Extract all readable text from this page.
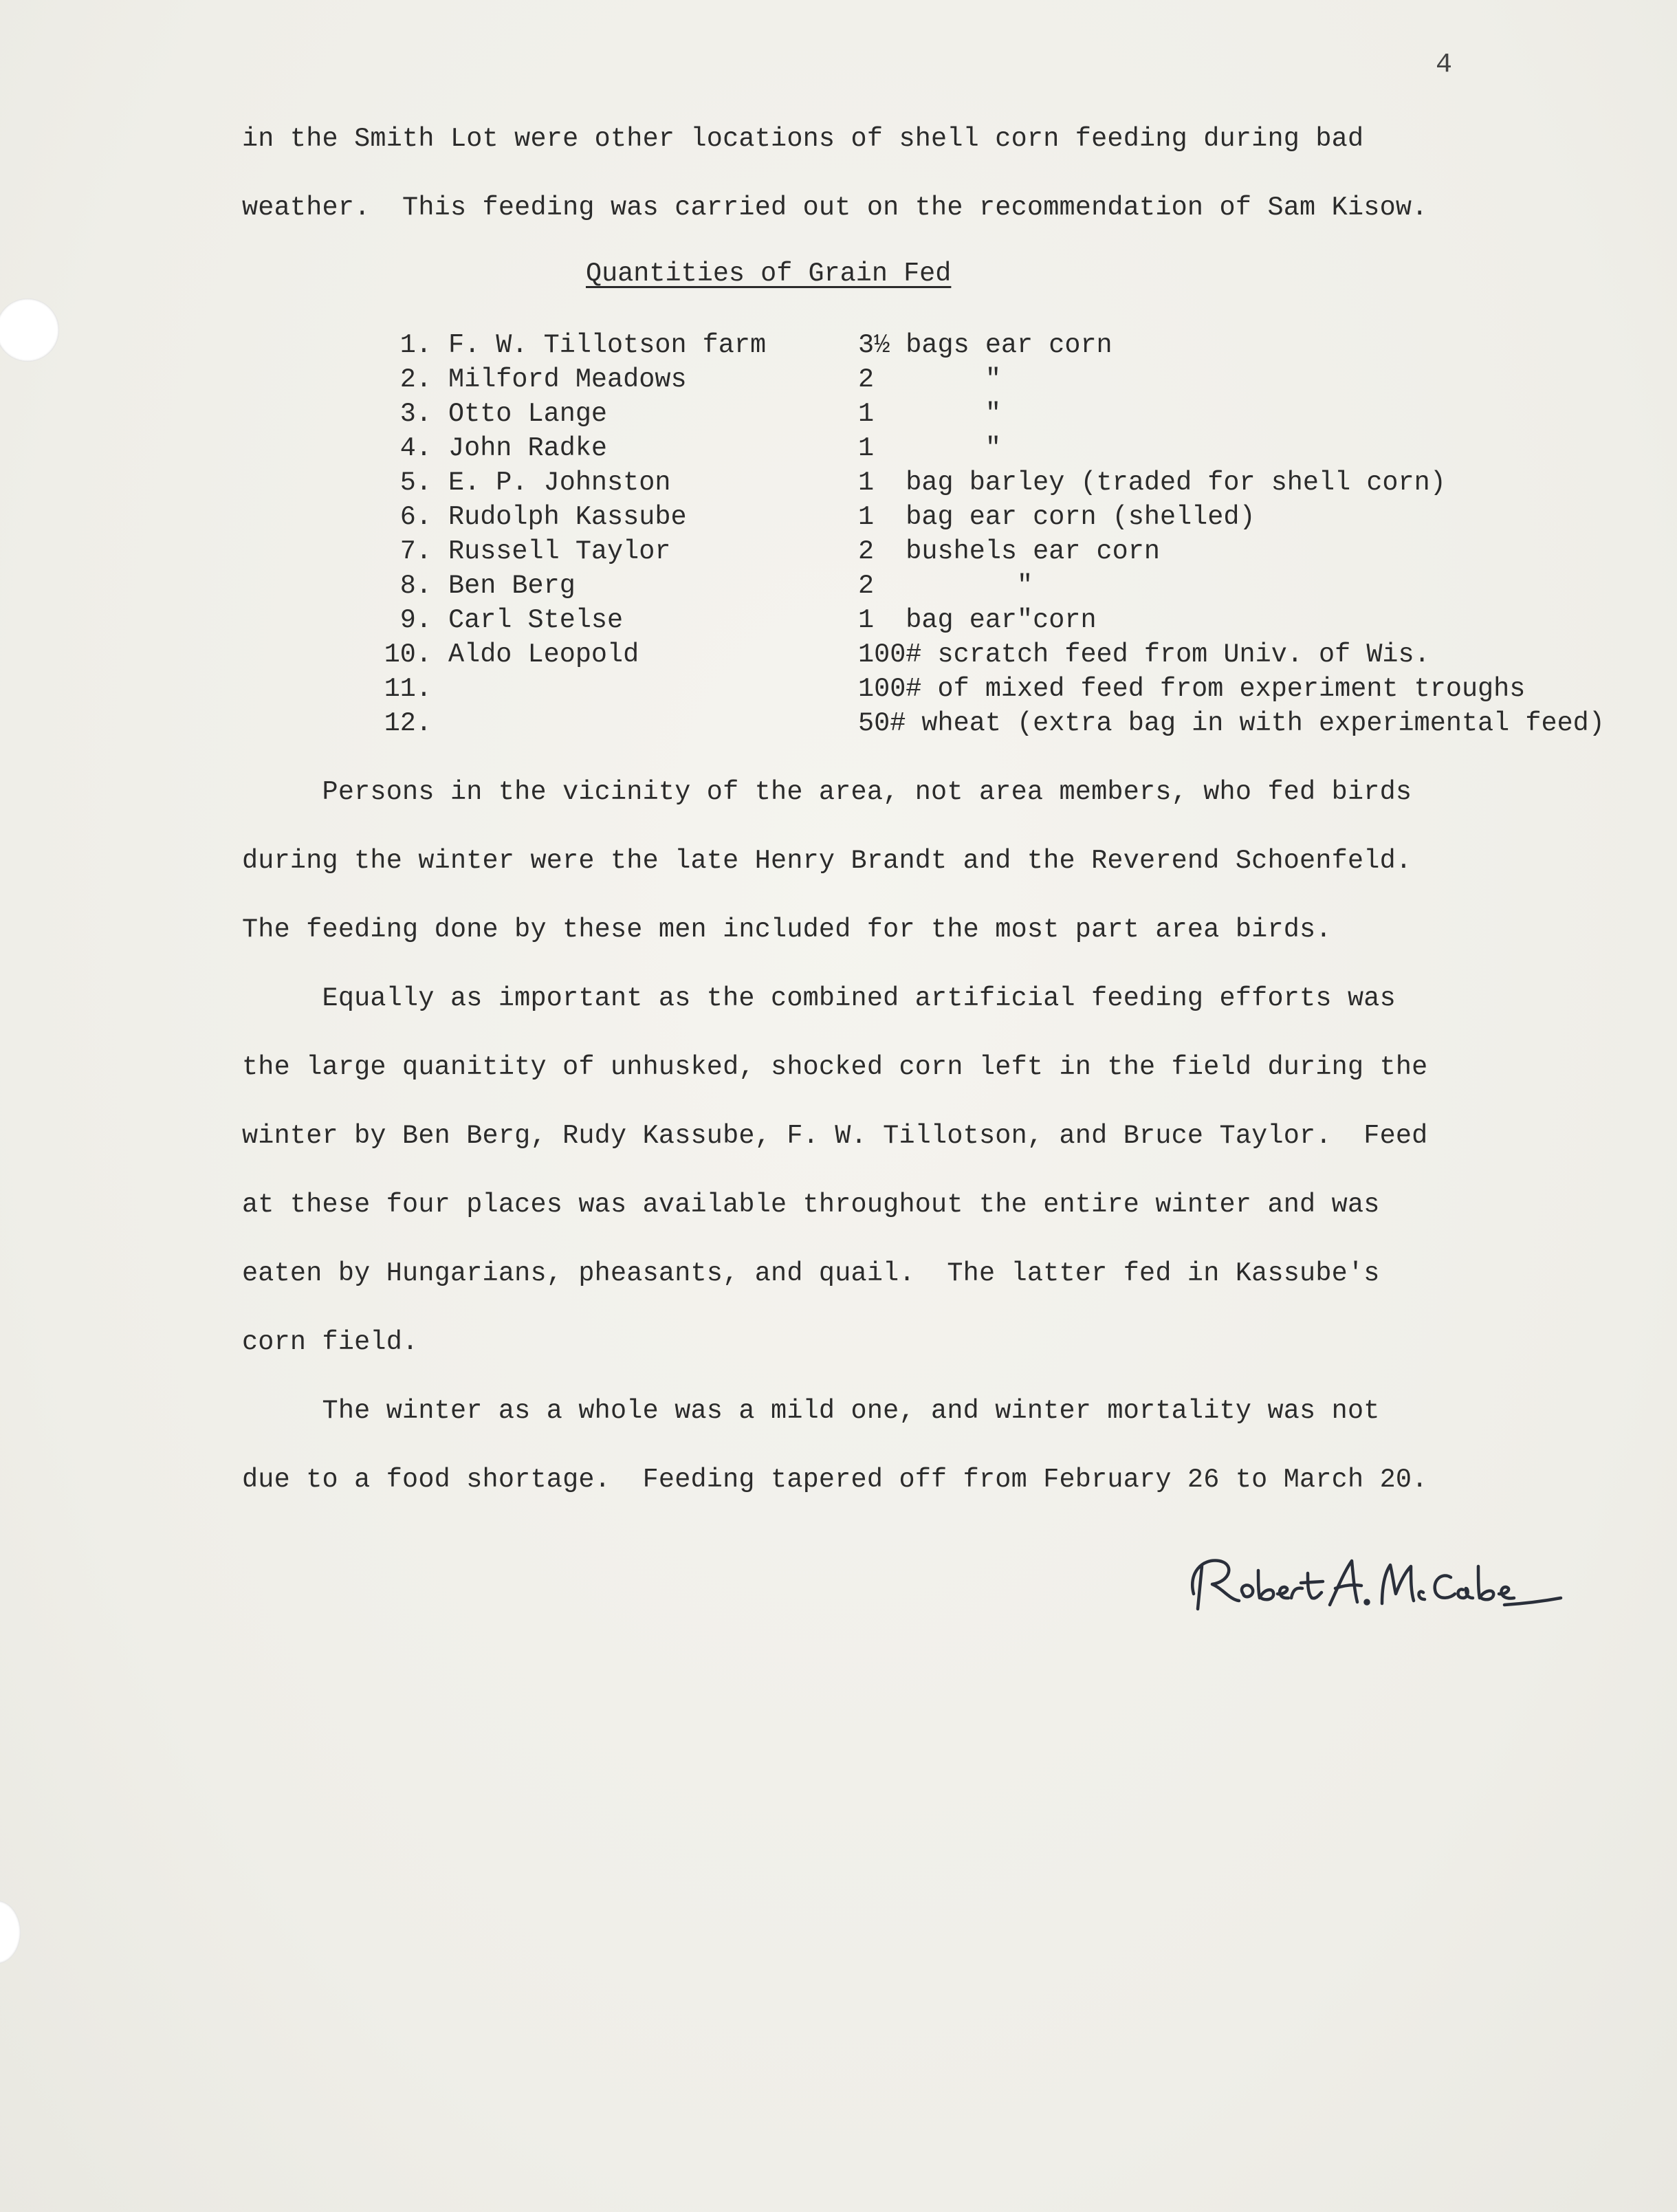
4
in the Smith Lot were other locations of shell corn feeding during bad
weather.  This feeding was carried out on the recommendation of Sam Kisow.
Quantities of Grain Fed
1. F. W. Tillotson farm	3½ bags ear corn
2. Milford Meadows	2       "
3. Otto Lange	1       "
4. John Radke	1       "
5. E. P. Johnston	1  bag barley (traded for shell corn)
6. Rudolph Kassube	1  bag ear corn (shelled)
7. Russell Taylor	2  bushels ear corn
8. Ben Berg	2         "
9. Carl Stelse	1  bag ear"corn
10. Aldo Leopold	100# scratch feed from Univ. of Wis.
11.	100# of mixed feed from experiment troughs
12.	50# wheat (extra bag in with experimental feed)
Persons in the vicinity of the area, not area members, who fed birds
during the winter were the late Henry Brandt and the Reverend Schoenfeld.
The feeding done by these men included for the most part area birds.
Equally as important as the combined artificial feeding efforts was
the large quanitity of unhusked, shocked corn left in the field during the
winter by Ben Berg, Rudy Kassube, F. W. Tillotson, and Bruce Taylor.  Feed
at these four places was available throughout the entire winter and was
eaten by Hungarians, pheasants, and quail.  The latter fed in Kassube's
corn field.
The winter as a whole was a mild one, and winter mortality was not
due to a food shortage.  Feeding tapered off from February 26 to March 20.
